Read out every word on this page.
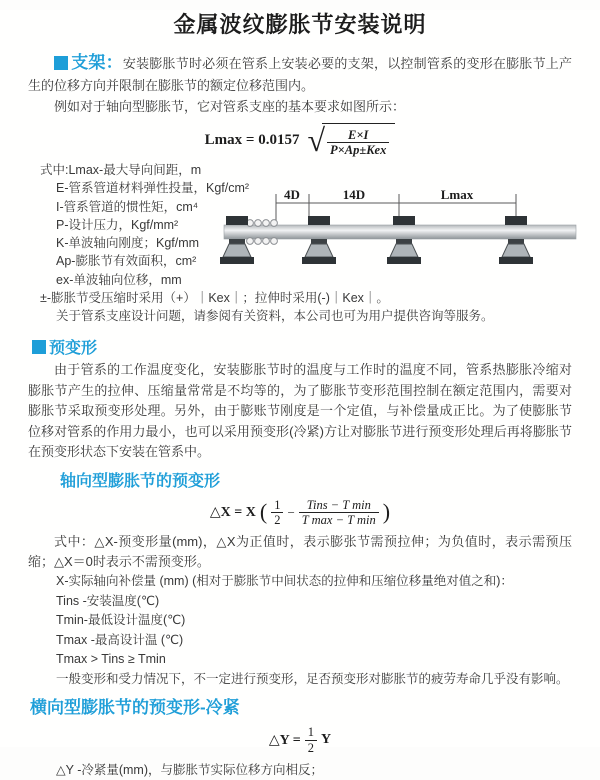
金属波纹膨胀节安装说明

支架：安装膨胀节时必须在管系上安装必要的支架，以控制管系的变形在膨胀节上产生的位移方向并限制在膨胀节的额定位移范围内。

例如对于轴向型膨胀节，它对管系支座的基本要求如图所示：

Lmax = 0.0157 √ $\frac{E\times I}{\text{P×Ap±Kex}}$

式中:Lmax-最大导向间距，m

E-管系管道材料弹性投量，Kgf/cm²

I-管系管道的惯性矩，cm⁴

P-设计压力，Kgf/mm²

K-单波轴向刚度；Kgf/mm

Ap-膨胀节有效面积，cm²

ex-单波轴向位移，mm

±-膨胀节受压缩时采用（+）｜Kex｜；拉伸时采用(-)｜Kex｜。

关于管系支座设计问题，请参阅有关资料，本公司也可为用户提供咨询等服务。

4D	14D	Lmax
预变形

由于管系的工作温度变化，安装膨胀节时的温度与工作时的温度不同，管系热膨胀冷缩对膨胀节产生的拉伸、压缩量常常是不均等的，为了膨胀节变形范围控制在额定范围内，需要对膨胀节采取预变形处理。另外，由于膨账节刚度是一个定值，与补偿量成正比。为了使膨胀节位移对管系的作用力最小，也可以采用预变形(冷紧)方让对膨胀节进行预变形处理后再将膨胀节在预变形状态下安装在管系中。

轴向型膨胀节的预变形
△X = X ( $\frac{1}{2} - \frac{\text{Tins − T min}}{\text{T max − T min}}$ )

式中：△X-预变形量(mm)，△X为正值时，表示膨张节需预拉伸；为负值时，表示需预压缩；△X＝0时表示不需预变形。

X-实际轴向补偿量 (mm) (相对于膨胀节中间状态的拉伸和压缩位移量绝对值之和)：

Tins -安装温度(℃)

Tmin-最低设计温度(℃)

Tmax -最高设计温 (℃)

Tmax > Tins ≥ Tmin

一般变形和受力情况下，不一定进行预变形，足否预变形对膨胀节的疲劳寿命几乎没有影响。

横向型膨胀节的预变形-冷紧
△Y = $\frac{1}{2}$ Y

△Y -冷紧量(mm)，与膨胀节实际位移方向相反；
